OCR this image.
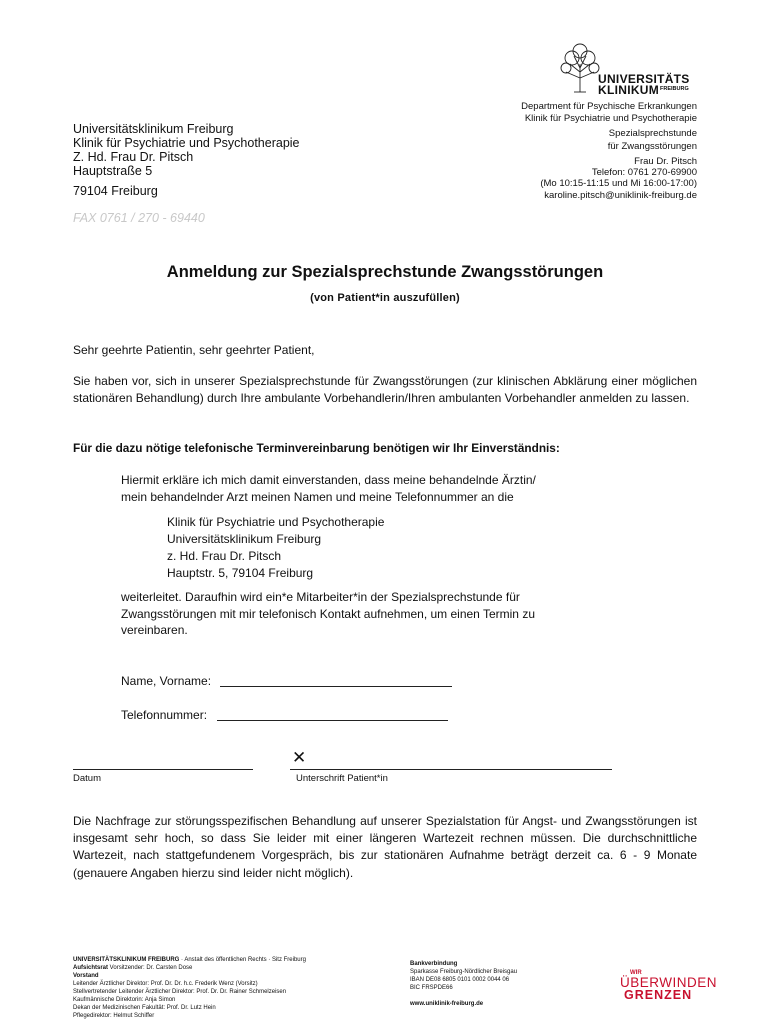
UNIVERSITÄTS
KLINIKUM FREIBURG
Department für Psychische Erkrankungen
Klinik für Psychiatrie und Psychotherapie
Spezialsprechstunde
für Zwangsstörungen
Frau Dr. Pitsch
Telefon: 0761 270-69900
(Mo 10:15-11:15 und Mi 16:00-17:00)
karoline.pitsch@uniklinik-freiburg.de
Universitätsklinikum Freiburg
Klinik für Psychiatrie und Psychotherapie
Z. Hd. Frau Dr. Pitsch
Hauptstraße 5
79104 Freiburg
FAX 0761 / 270 - 69440
Anmeldung zur Spezialsprechstunde Zwangsstörungen
(von Patient*in auszufüllen)
Sehr geehrte Patientin, sehr geehrter Patient,
Sie haben vor, sich in unserer Spezialsprechstunde für Zwangsstörungen (zur klinischen Abklärung einer möglichen stationären Behandlung) durch Ihre ambulante Vorbehandlerin/Ihren ambulanten Vorbehandler anmelden zu lassen.
Für die dazu nötige telefonische Terminvereinbarung benötigen wir Ihr Einverständnis:
Hiermit erkläre ich mich damit einverstanden, dass meine behandelnde Ärztin/
mein behandelnder Arzt meinen Namen und meine Telefonnummer an die
Klinik für Psychiatrie und Psychotherapie
Universitätsklinikum Freiburg
z. Hd. Frau Dr. Pitsch
Hauptstr. 5, 79104 Freiburg
weiterleitet. Daraufhin wird ein*e Mitarbeiter*in der Spezialsprechstunde für Zwangsstörungen mit mir telefonisch Kontakt aufnehmen, um einen Termin zu vereinbaren.
Name, Vorname:
Telefonnummer:
Datum
✕
Unterschrift Patient*in
Die Nachfrage zur störungsspezifischen Behandlung auf unserer Spezialstation für Angst- und Zwangsstörungen ist insgesamt sehr hoch, so dass Sie leider mit einer längeren Wartezeit rechnen müssen. Die durchschnittliche Wartezeit, nach stattgefundenem Vorgespräch, bis zur stationären Aufnahme beträgt derzeit ca. 6 - 9 Monate (genauere Angaben hierzu sind leider nicht möglich).
UNIVERSITÄTSKLINIKUM FREIBURG · Anstalt des öffentlichen Rechts · Sitz Freiburg
Aufsichtsrat Vorsitzender: Dr. Carsten Dose
Vorstand
Leitender Ärztlicher Direktor: Prof. Dr. Dr. h.c. Frederik Wenz (Vorsitz)
Stellvertretender Leitender Ärztlicher Direktor: Prof. Dr. Dr. Rainer Schmelzeisen
Kaufmännische Direktorin: Anja Simon
Dekan der Medizinischen Fakultät: Prof. Dr. Lutz Hein
Pflegedirektor: Helmut Schiffer
Bankverbindung
Sparkasse Freiburg-Nördlicher Breisgau
IBAN DE08 6805 0101 0002 0044 06
BIC FRSPDE66
www.uniklinik-freiburg.de
WIR
ÜBERWINDEN
GRENZEN
